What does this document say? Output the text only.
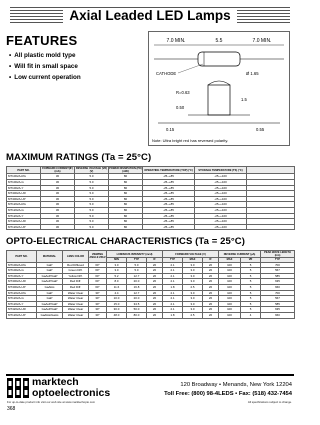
Axial Leaded LED Lamps
FEATURES
• All plastic mold type
• Will fit in small space
• Low current operation
7.0 MIN.	5.5	7.0 MIN.
Ø 1.65
CATHODE
R=0.63
0.50
1.5
0.15	0.55
Note: Ultra bright red has reversed polarity.
MAXIMUM RATINGS (Ta = 25°C)
PART NO.	FORWARD CURRENT(IF) (mA)	REVERSE VOLTAGE (VR) (V)	POWER DISSIPATION (PD) (mW)	OPERATING TEMPERATURE (TOP) (°C)	STORAGE TEMPERATURE (TS) (°C)	
MT1002A-RG	30	5.0	80	-25~+85	-25~+100	
MT1002A-G	30	5.0	80	-25~+85	-25~+100	
MT1002A-Y	30	5.0	80	-25~+85	-25~+100	
MT4002A-UR	30	5.0	80	-25~+85	-25~+100	
MT4002A-UP	30	5.0	80	-25~+85	-25~+100	
MT1202A-RG	30	5.0	80	-25~+85	-25~+100	
MT1202A-G	30	5.0	80	-25~+85	-25~+100	
MT1202A-Y	30	5.0	80	-25~+85	-25~+100	
MT4202A-UR	30	5.0	80	-25~+85	-25~+100	
MT1202A-UP	30	5.0	80	-25~+85	-25~+100	
OPTO-ELECTRICAL CHARACTERISTICS (Ta = 25°C)
PART NO.	MATERIAL	LENS COLOR	VIEWING ANGLE 2θ1/2	LUMINOUS INTENSITY (mcd)			FORWARD VOLTAGE (V)			REVERSE CURRENT (µA)		PEAK WAVE LENGTH (nm)
				MIN	TYP	IF	TYP	MAX	IF	MAX	VR	TYP
MT1002A-RG	GaP	Red Diffused	60°	3.0	5.0	20	2.1	3.0	20	100	5	700
MT1002A-G	GaP	Green Diff.	60°	3.0	5.0	20	2.1	3.0	20	100	5	567
MT1002A-Y	GaAsP/GaP	Yellow Diff.	60°	5.2	12.7	20	2.1	3.0	20	100	5	585
MT4002A-UR	GaAsP/GaP	Red Diff.	60°	8.0	20.0	20	2.1	3.0	20	100	5	635
MT4002A-UP	GaAlAs	Red Diff.	60°	11.6	16.8	20	1.8	2.5	20	100	5	660
MT1202A-RG	GaP	Water Clear	30°	4.4	12.7	20	2.1	3.0	20	100	5	700
MT1202A-G	GaP	Water Clear	30°	10.0	20.0	20	2.1	3.0	20	100	5	567
MT1202A-Y	GaAsP/GaP	Water Clear	30°	15.0	34.5	20	2.1	3.0	20	100	5	585
MT4202A-UR	GaAsP/GaP	Water Clear	30°	30.0	50.0	20	2.1	3.0	20	100	5	635
MT1202A-UP	GaAlAs/GaAs	Water Clear	30°	48.0	80.0	20	1.8	2.5	20	100	4	660
marktech
optoelectronics
120 Broadway • Menands, New York 12204
Toll Free: (800) 98-4LEDS • Fax: (518) 432-7454
For up-to-date product info visit our web site at www.marktechopto.com	All specifications subject to change.
368
